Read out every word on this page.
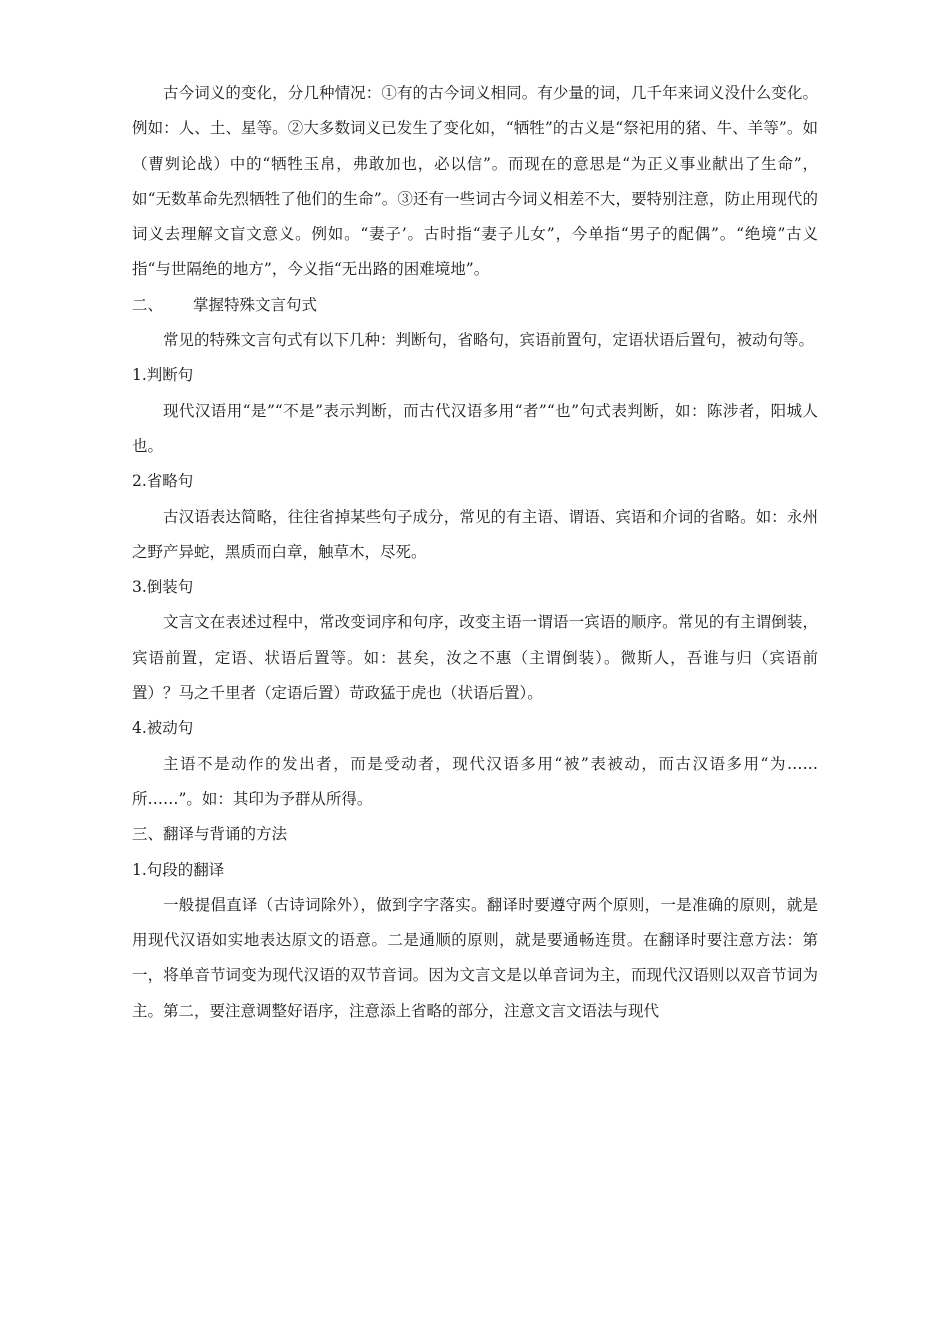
古今词义的变化，分几种情况：①有的古今词义相同。有少量的词，几千年来词义没什么变化。例如：人、土、星等。②大多数词义已发生了变化如，“牺牲”的古义是“祭祀用的猪、牛、羊等”。如（曹刿论战）中的“牺牲玉帛，弗敢加也，必以信”。而现在的意思是“为正义事业献出了生命”，如“无数革命先烈牺牲了他们的生命”。③还有一些词古今词义相差不大，要特别注意，防止用现代的词义去理解文盲文意义。例如。“妻子’。古时指“妻子儿女”，今单指“男子的配偶”。“绝境”古义指“与世隔绝的地方”，今义指“无出路的困难境地”。

二、 掌握特殊文言句式

常见的特殊文言句式有以下几种：判断句，省略句，宾语前置句，定语状语后置句，被动句等。

1.判断句

现代汉语用“是”“不是”表示判断，而古代汉语多用“者”“也”句式表判断，如：陈涉者，阳城人也。

2.省略句

古汉语表达简略，往往省掉某些句子成分，常见的有主语、谓语、宾语和介词的省略。如：永州之野产异蛇，黑质而白章，触草木，尽死。

3.倒装句

文言文在表述过程中，常改变词序和句序，改变主语一谓语一宾语的顺序。常见的有主谓倒装，宾语前置，定语、状语后置等。如：甚矣，汝之不惠（主谓倒装）。微斯人，吾谁与归（宾语前置）？马之千里者（定语后置）苛政猛于虎也（状语后置）。

4.被动句

主语不是动作的发出者，而是受动者，现代汉语多用“被”表被动，而古汉语多用“为……所……”。如：其印为予群从所得。

三、翻译与背诵的方法

1.句段的翻译

一般提倡直译（古诗词除外），做到字字落实。翻译时要遵守两个原则，一是准确的原则，就是用现代汉语如实地表达原文的语意。二是通顺的原则，就是要通畅连贯。在翻译时要注意方法：第一，将单音节词变为现代汉语的双节音词。因为文言文是以单音词为主，而现代汉语则以双音节词为主。第二，要注意调整好语序，注意添上省略的部分，注意文言文语法与现代
